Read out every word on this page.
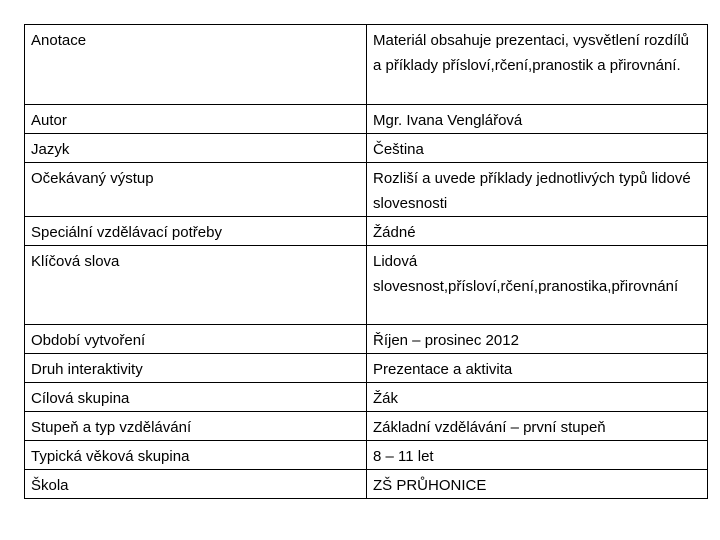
Anotace	Materiál obsahuje prezentaci, vysvětlení rozdílů a příklady přísloví,rčení,pranostik a přirovnání.
Autor	Mgr. Ivana Venglářová
Jazyk	Čeština
Očekávaný výstup	Rozliší a uvede příklady jednotlivých typů lidové slovesnosti
Speciální vzdělávací potřeby	Žádné
Klíčová slova	Lidová slovesnost,přísloví,rčení,pranostika,přirovnání
Období vytvoření	Říjen – prosinec 2012
Druh interaktivity	Prezentace a aktivita
Cílová skupina	Žák
Stupeň a typ vzdělávání	Základní vzdělávání – první stupeň
Typická věková skupina	8 – 11 let
Škola	ZŠ PRŮHONICE
